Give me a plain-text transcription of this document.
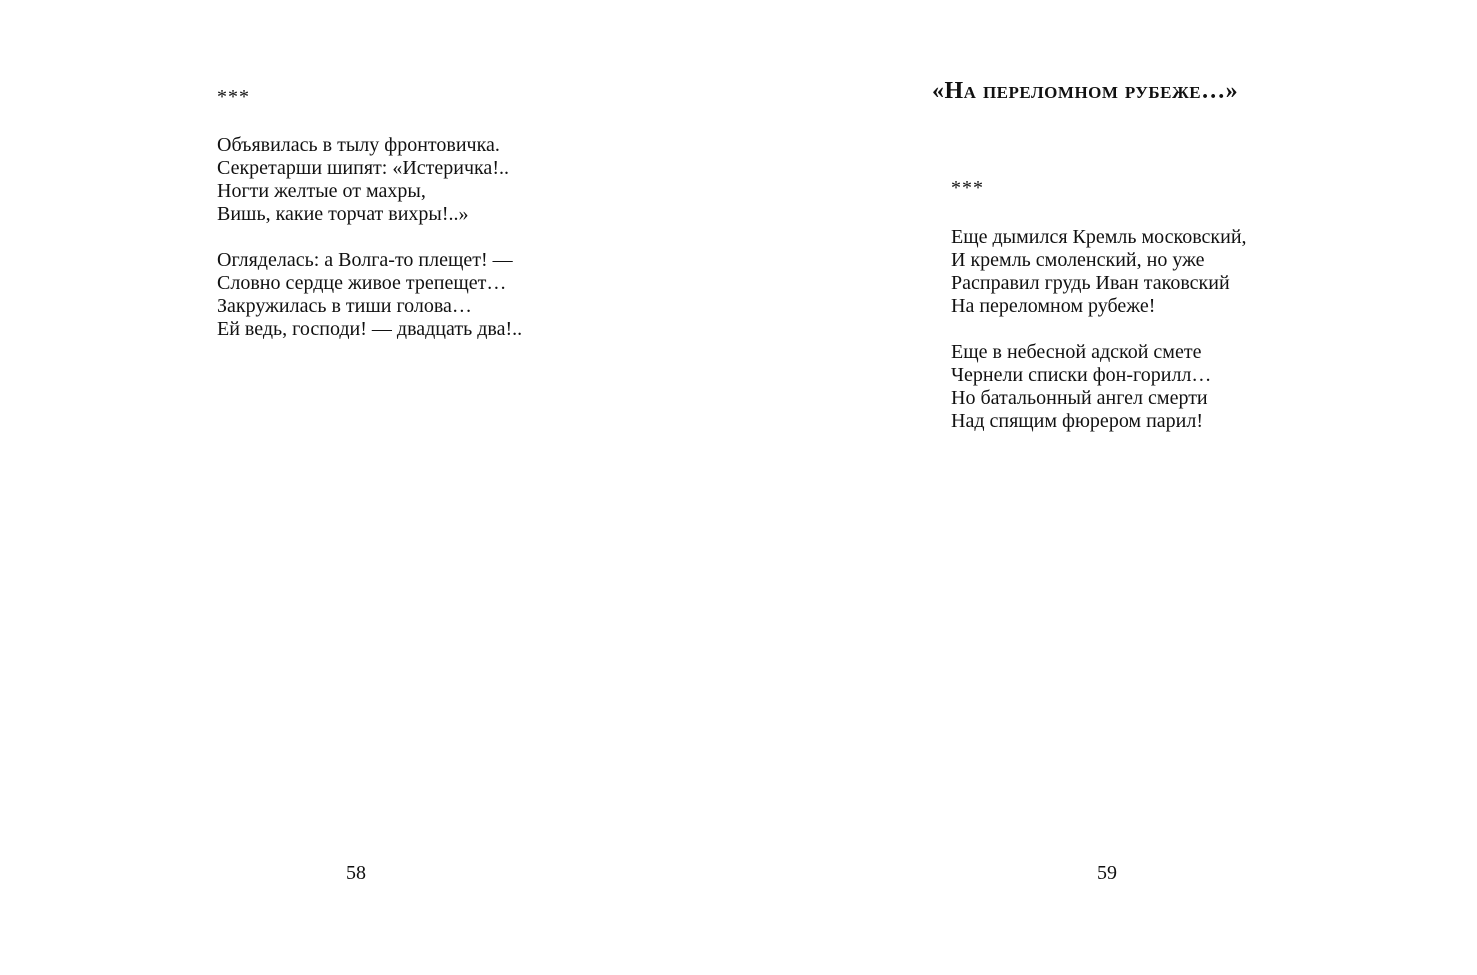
***
Объявилась в тылу фронтовичка.
Секретарши шипят: «Истеричка!..
Ногти желтые от махры,
Вишь, какие торчат вихры!..»
Огляделась: а Волга-то плещет! —
Словно сердце живое трепещет…
Закружилась в тиши голова…
Ей ведь, господи! — двадцать два!..
58
«На переломном рубеже…»
***
Еще дымился Кремль московский,
И кремль смоленский, но уже
Расправил грудь Иван таковский
На переломном рубеже!
Еще в небесной адской смете
Чернели списки фон-горилл…
Но батальонный ангел смерти
Над спящим фюрером парил!
59
